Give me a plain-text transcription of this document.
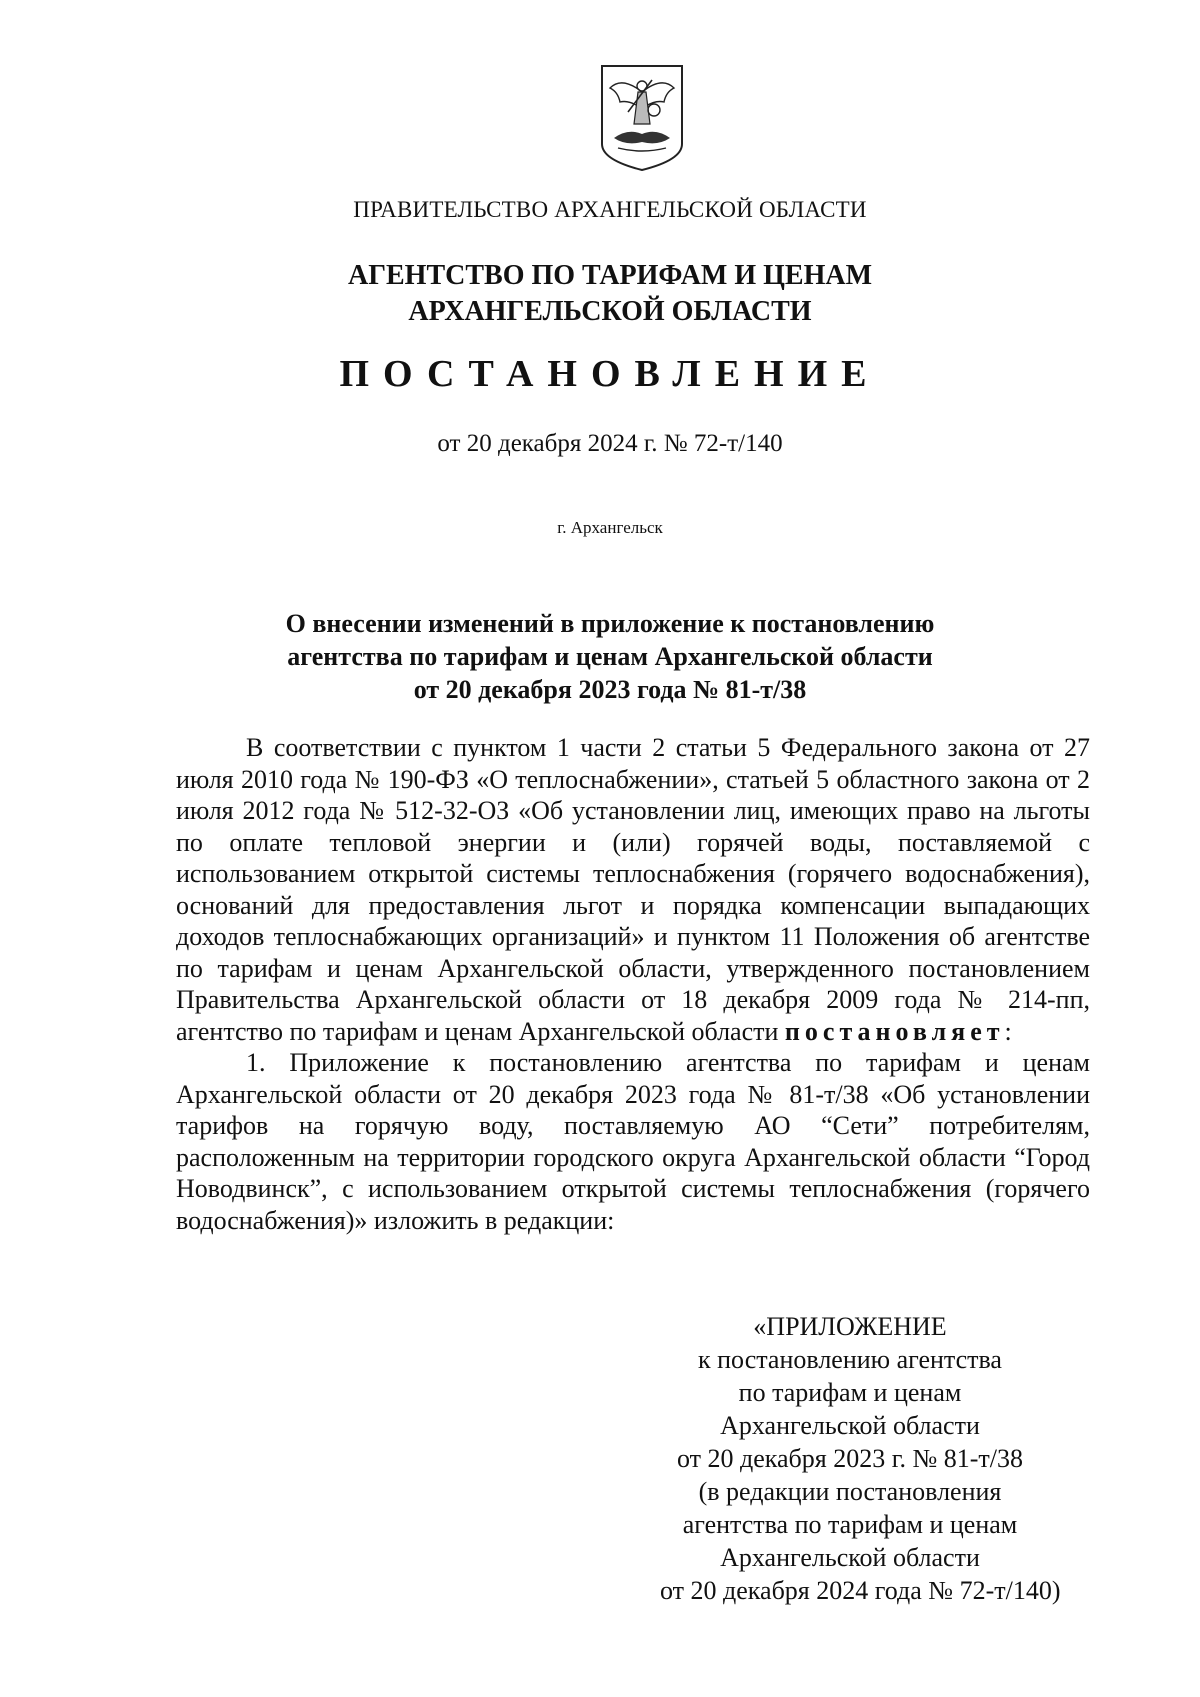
ПРАВИТЕЛЬСТВО АРХАНГЕЛЬСКОЙ ОБЛАСТИ
АГЕНТСТВО ПО ТАРИФАМ И ЦЕНАМ
АРХАНГЕЛЬСКОЙ ОБЛАСТИ
ПОСТАНОВЛЕНИЕ
от 20 декабря 2024 г. № 72-т/140
г. Архангельск
О внесении изменений в приложение к постановлению
агентства по тарифам и ценам Архангельской области
от 20 декабря 2023 года № 81-т/38

В соответствии с пунктом 1 части 2 статьи 5 Федерального закона от 27 июля 2010 года № 190-ФЗ «О теплоснабжении», статьей 5 областного закона от 2 июля 2012 года № 512-32-ОЗ «Об установлении лиц, имеющих право на льготы по оплате тепловой энергии и (или) горячей воды, поставляемой с использованием открытой системы теплоснабжения (горячего водоснабжения), оснований для предоставления льгот и порядка компенсации выпадающих доходов теплоснабжающих организаций» и пунктом 11 Положения об агентстве по тарифам и ценам Архангельской области, утвержденного постановлением Правительства Архангельской области от 18 декабря 2009 года № 214-пп, агентство по тарифам и ценам Архангельской области постановляет:

1. Приложение к постановлению агентства по тарифам и ценам Архангельской области от 20 декабря 2023 года № 81-т/38 «Об установлении тарифов на горячую воду, поставляемую АО “Сети” потребителям, расположенным на территории городского округа Архангельской области “Город Новодвинск”, с использованием открытой системы теплоснабжения (горячего водоснабжения)» изложить в редакции:

«ПРИЛОЖЕНИЕ
к постановлению агентства
по тарифам и ценам
Архангельской области
от 20 декабря 2023 г. № 81-т/38
(в редакции постановления
агентства по тарифам и ценам
Архангельской области
от 20 декабря 2024 года № 72-т/140)
